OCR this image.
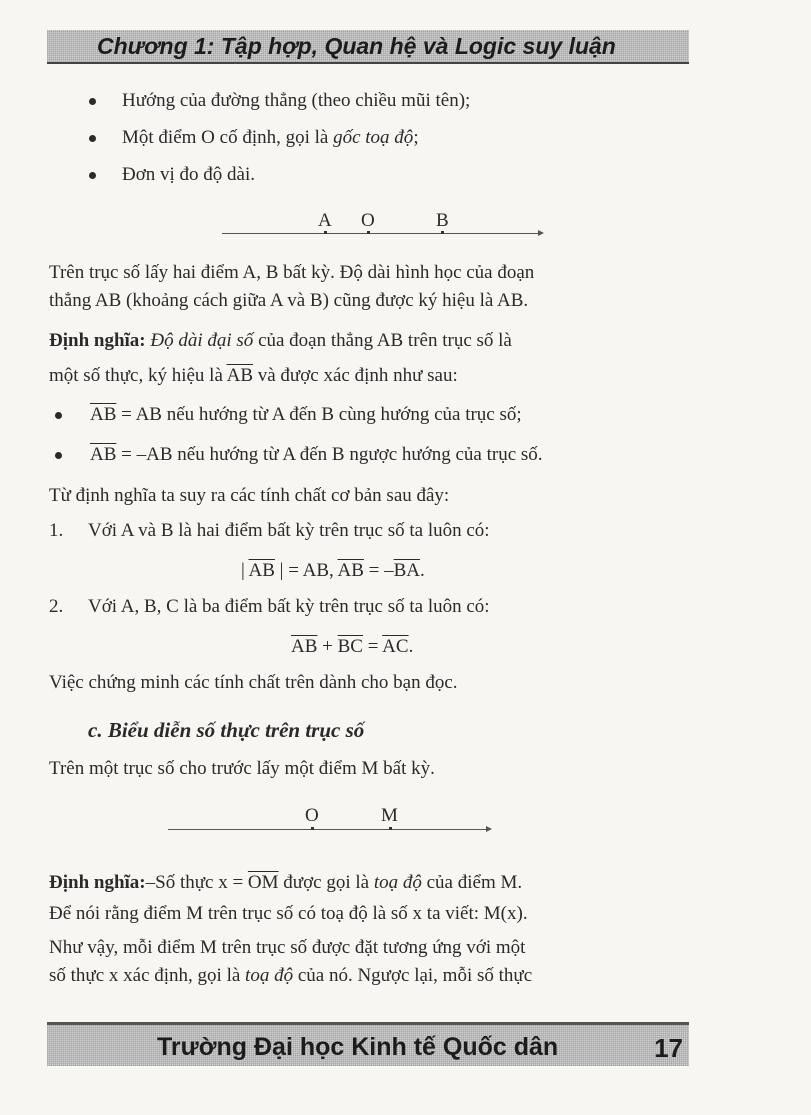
Chương 1: Tập hợp, Quan hệ và Logic suy luận
Hướng của đường thẳng (theo chiều mũi tên);
Một điểm O cố định, gọi là gốc toạ độ;
Đơn vị đo độ dài.
A O	B
Trên trục số lấy hai điểm A, B bất kỳ. Độ dài hình học của đoạn
thẳng AB (khoảng cách giữa A và B) cũng được ký hiệu là AB.
Định nghĩa: Độ dài đại số của đoạn thẳng AB trên trục số là
một số thực, ký hiệu là $\overline{AB}$ và được xác định như sau:
$\overline{AB}$ = AB nếu hướng từ A đến B cùng hướng của trục số;
$\overline{AB} = -AB$ nếu hướng từ A đến B ngược hướng của trục số.
Từ định nghĩa ta suy ra các tính chất cơ bản sau đây:
1. Với A và B là hai điểm bất kỳ trên trục số ta luôn có:
| $\overline{AB}$ | = AB, $\overline{AB} = -\overline{BA}$.
2. Với A, B, C là ba điểm bất kỳ trên trục số ta luôn có:
$\overline{AB} + \overline{BC} = \overline{AC}$.
Việc chứng minh các tính chất trên dành cho bạn đọc.
c. Biểu diễn số thực trên trục số
Trên một trục số cho trước lấy một điểm M bất kỳ.
O	M
Định nghĩa:–Số thực $x = \overline{OM}$ được gọi là toạ độ của điểm M.
Để nói rằng điểm M trên trục số có toạ độ là số x ta viết: M(x).
Như vậy, mỗi điểm M trên trục số được đặt tương ứng với một
số thực x xác định, gọi là toạ độ của nó. Ngược lại, mỗi số thực
Trường Đại học Kinh tế Quốc dân	17
